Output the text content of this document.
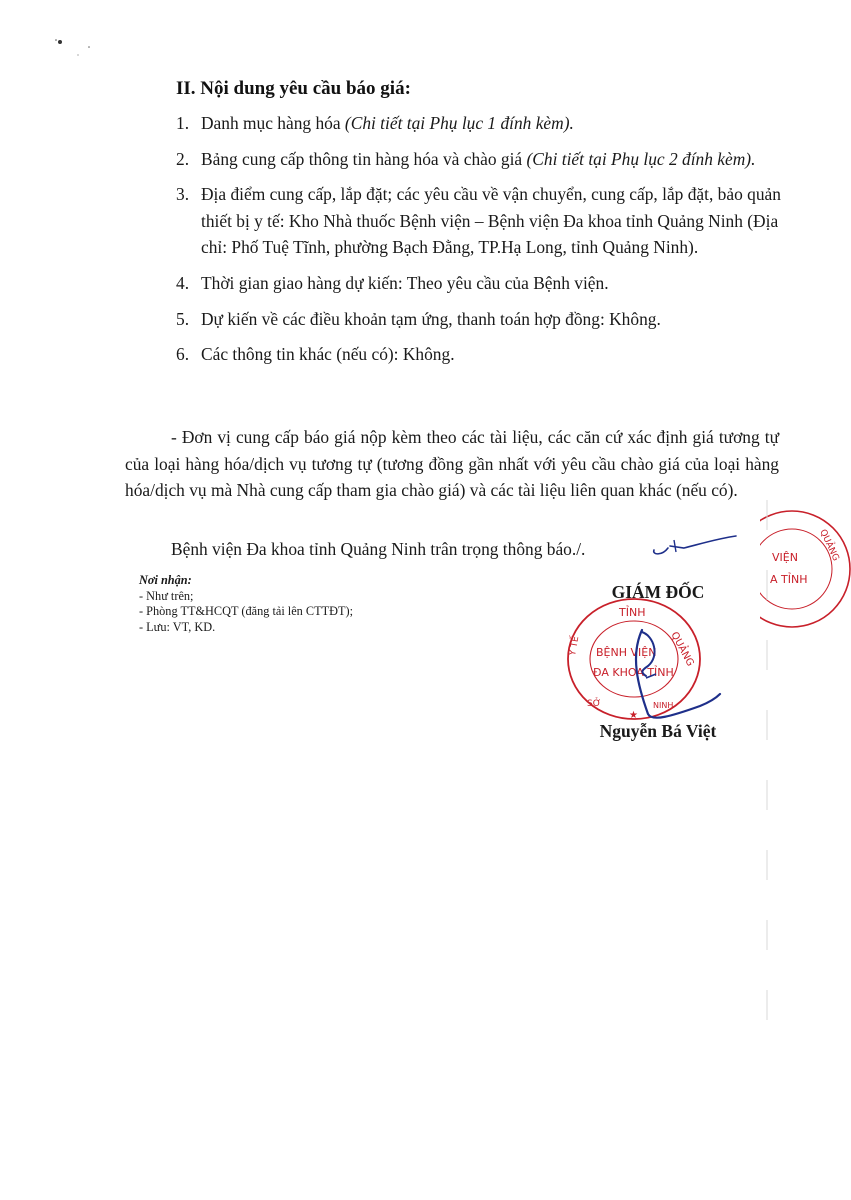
II. Nội dung yêu cầu báo giá:
1. Danh mục hàng hóa (Chi tiết tại Phụ lục 1 đính kèm).
2. Bảng cung cấp thông tin hàng hóa và chào giá (Chi tiết tại Phụ lục 2 đính kèm).
3. Địa điểm cung cấp, lắp đặt; các yêu cầu về vận chuyển, cung cấp, lắp đặt, bảo quản thiết bị y tế: Kho Nhà thuốc Bệnh viện – Bệnh viện Đa khoa tỉnh Quảng Ninh (Địa chỉ: Phố Tuệ Tĩnh, phường Bạch Đằng, TP.Hạ Long, tỉnh Quảng Ninh).
4. Thời gian giao hàng dự kiến: Theo yêu cầu của Bệnh viện.
5. Dự kiến về các điều khoản tạm ứng, thanh toán hợp đồng: Không.
6. Các thông tin khác (nếu có): Không.

- Đơn vị cung cấp báo giá nộp kèm theo các tài liệu, các căn cứ xác định giá tương tự của loại hàng hóa/dịch vụ tương tự (tương đồng gần nhất với yêu cầu chào giá của loại hàng hóa/dịch vụ mà Nhà cung cấp tham gia chào giá) và các tài liệu liên quan khác (nếu có).

Bệnh viện Đa khoa tỉnh Quảng Ninh trân trọng thông báo./.

Nơi nhận:
- Như trên;
- Phòng TT&HCQT (đăng tải lên CTTĐT);
- Lưu: VT, KD.

GIÁM ĐỐC

TỈNH
BỆNH VIỆN
ĐA KHOA TỈNH
QUẢNG
Y TẾ
SỞ	NINH
★

Nguyễn Bá Việt

VIỆN
A TỈNH
QUẢNG
